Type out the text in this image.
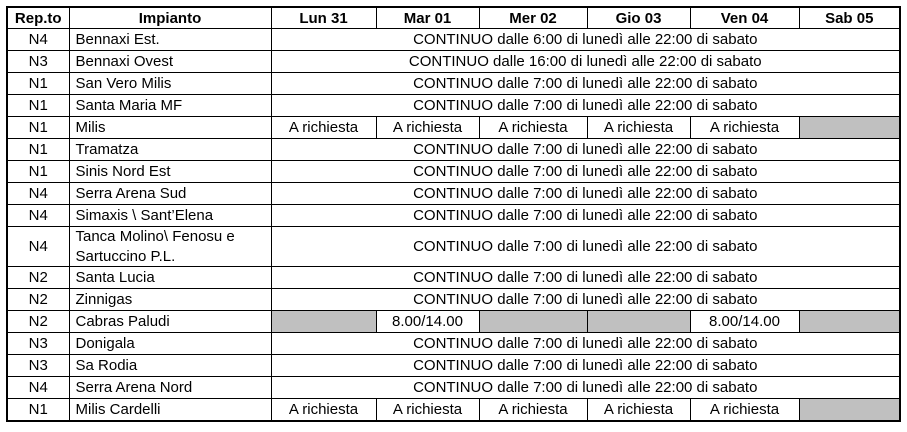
Rep.to	Impianto	Lun 31	Mar 01	Mer 02	Gio 03	Ven 04	Sab 05
N4	Bennaxi Est.	CONTINUO dalle 6:00 di lunedì alle 22:00 di sabato					
N3	Bennaxi Ovest	CONTINUO dalle 16:00 di lunedì alle 22:00 di sabato					
N1	San Vero Milis	CONTINUO dalle 7:00 di lunedì alle 22:00 di sabato					
N1	Santa Maria MF	CONTINUO dalle 7:00 di lunedì alle 22:00 di sabato					
N1	Milis	A richiesta	A richiesta	A richiesta	A richiesta	A richiesta	
N1	Tramatza	CONTINUO dalle 7:00 di lunedì alle 22:00 di sabato					
N1	Sinis Nord Est	CONTINUO dalle 7:00 di lunedì alle 22:00 di sabato					
N4	Serra Arena Sud	CONTINUO dalle 7:00 di lunedì alle 22:00 di sabato					
N4	Simaxis \ Sant’Elena	CONTINUO dalle 7:00 di lunedì alle 22:00 di sabato					
N4	Tanca Molino\ Fenosu e Sartuccino P.L.	CONTINUO dalle 7:00 di lunedì alle 22:00 di sabato					
N2	Santa Lucia	CONTINUO dalle 7:00 di lunedì alle 22:00 di sabato					
N2	Zinnigas	CONTINUO dalle 7:00 di lunedì alle 22:00 di sabato					
N2	Cabras Paludi		8.00/14.00			8.00/14.00	
N3	Donigala	CONTINUO dalle 7:00 di lunedì alle 22:00 di sabato					
N3	Sa Rodia	CONTINUO dalle 7:00 di lunedì alle 22:00 di sabato					
N4	Serra Arena Nord	CONTINUO dalle 7:00 di lunedì alle 22:00 di sabato					
N1	Milis Cardelli	A richiesta	A richiesta	A richiesta	A richiesta	A richiesta	
